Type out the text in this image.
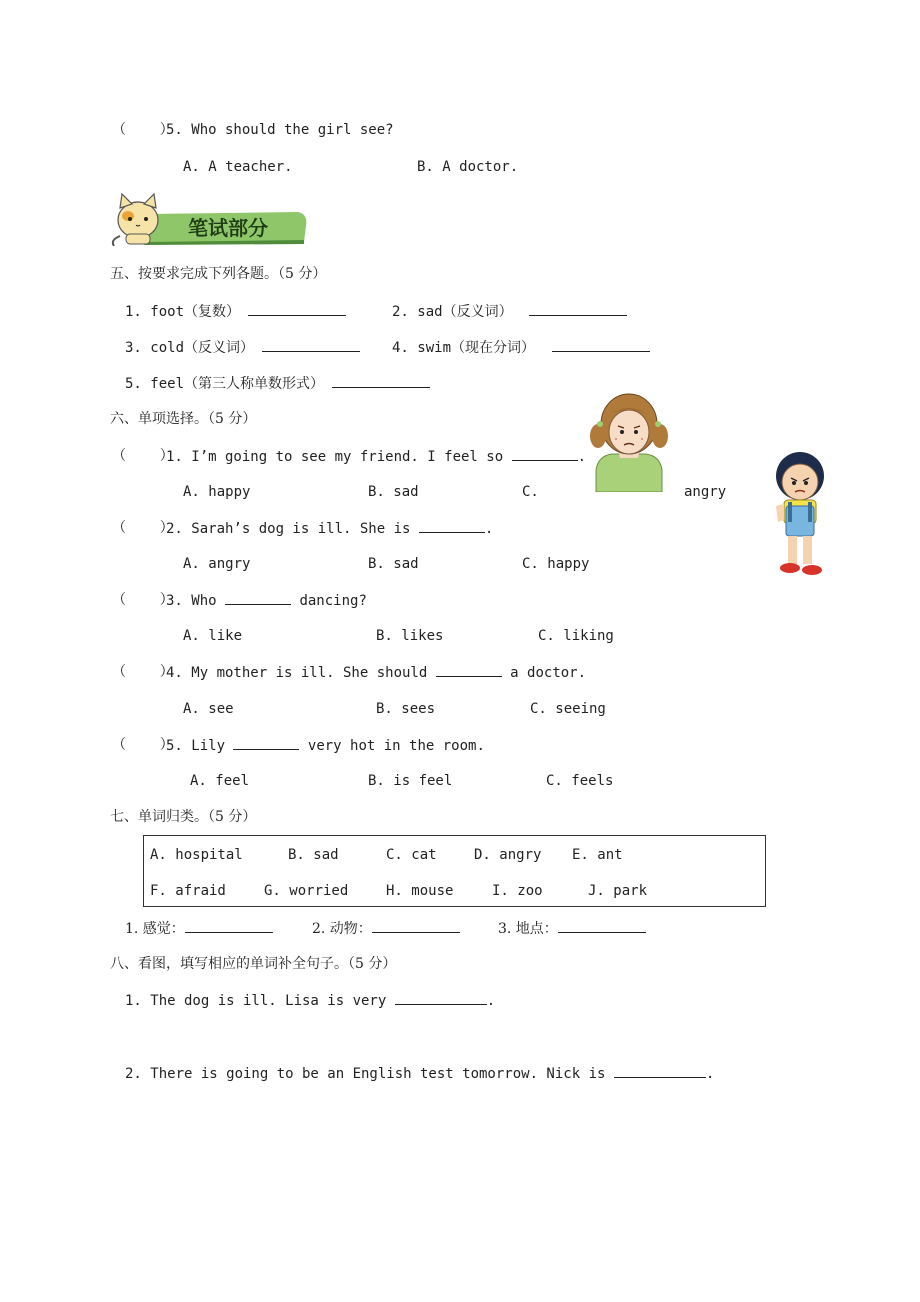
（    ）
5. Who should the girl see?
A. A teacher.	B. A doctor.
笔试部分
五、按要求完成下列各题。（5 分）
1. foot（复数）	2. sad（反义词）
3. cold（反义词）	4. swim（现在分词）
5. feel（第三人称单数形式）
六、单项选择。（5 分）
（    ）
1. I’m going to see my friend. I feel so	.
A. happy	B. sad	C.	angry
（    ）
2. Sarah’s dog is ill. She is	.
A. angry	B. sad	C. happy
（    ）
3. Who	dancing?
A. like	B. likes	C. liking
（    ）
4. My mother is ill. She should	a doctor.
A. see	B. sees	C. seeing
（    ）
5. Lily	very hot in the room.
A. feel	B. is feel	C. feels
七、单词归类。（5 分）
A. hospital	B. sad	C. cat	D. angry E. ant
F. afraid	G. worried	H. mouse	I. zoo	J. park
1. 感觉：	2. 动物：	3. 地点：
八、看图，填写相应的单词补全句子。（5 分）
1. The dog is ill. Lisa is very	.
2. There is going to be an English test tomorrow. Nick is	.
